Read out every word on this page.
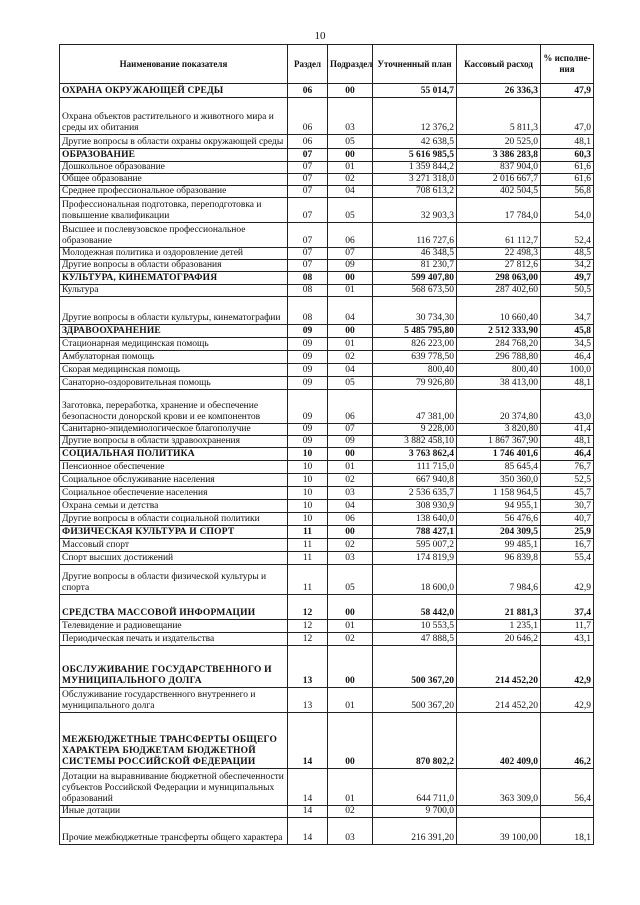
10
Наименование показателя	Раздел	Подраздел	Уточненный план	Кассовый расход	% исполне-ния
ОХРАНА ОКРУЖАЮЩЕЙ СРЕДЫ	06	00	55 014,7	26 336,3	47,9
Охрана объектов растительного и животного мира и среды их обитания	06	03	12 376,2	5 811,3	47,0
Другие вопросы в области охраны окружающей среды	06	05	42 638,5	20 525,0	48,1
ОБРАЗОВАНИЕ	07	00	5 616 985,5	3 386 283,8	60,3
Дошкольное образование	07	01	1 359 844,2	837 904,0	61,6
Общее образование	07	02	3 271 318,0	2 016 667,7	61,6
Среднее профессиональное образование	07	04	708 613,2	402 504,5	56,8
Профессиональная подготовка, переподготовка и повышение квалификации	07	05	32 903,3	17 784,0	54,0
Высшее и послевузовское профессиональное образование	07	06	116 727,6	61 112,7	52,4
Молодежная политика и оздоровление детей	07	07	46 348,5	22 498,3	48,5
Другие вопросы в области образования	07	09	81 230,7	27 812,6	34,2
КУЛЬТУРА, КИНЕМАТОГРАФИЯ	08	00	599 407,80	298 063,00	49,7
Культура	08	01	568 673,50	287 402,60	50,5
Другие вопросы в области культуры, кинематографии	08	04	30 734,30	10 660,40	34,7
ЗДРАВООХРАНЕНИЕ	09	00	5 485 795,80	2 512 333,90	45,8
Стационарная медицинская помощь	09	01	826 223,00	284 768,20	34,5
Амбулаторная помощь	09	02	639 778,50	296 788,80	46,4
Скорая медицинская помощь	09	04	800,40	800,40	100,0
Санаторно-оздоровительная помощь	09	05	79 926,80	38 413,00	48,1
Заготовка, переработка, хранение и обеспечение безопасности донорской крови и ее компонентов	09	06	47 381,00	20 374,80	43,0
Санитарно-эпидемиологическое благополучие	09	07	9 228,00	3 820,80	41,4
Другие вопросы в области здравоохранения	09	09	3 882 458,10	1 867 367,90	48,1
СОЦИАЛЬНАЯ ПОЛИТИКА	10	00	3 763 862,4	1 746 401,6	46,4
Пенсионное обеспечение	10	01	111 715,0	85 645,4	76,7
Социальное обслуживание населения	10	02	667 940,8	350 360,0	52,5
Социальное обеспечение населения	10	03	2 536 635,7	1 158 964,5	45,7
Охрана семьи и детства	10	04	308 930,9	94 955,1	30,7
Другие вопросы в области социальной политики	10	06	138 640,0	56 476,6	40,7
ФИЗИЧЕСКАЯ КУЛЬТУРА И СПОРТ	11	00	788 427,1	204 309,5	25,9
Массовый спорт	11	02	595 007,2	99 485,1	16,7
Спорт высших достижений	11	03	174 819,9	96 839,8	55,4
Другие вопросы в области физической культуры и спорта	11	05	18 600,0	7 984,6	42,9
СРЕДСТВА МАССОВОЙ ИНФОРМАЦИИ	12	00	58 442,0	21 881,3	37,4
Телевидение и радиовещание	12	01	10 553,5	1 235,1	11,7
Периодическая печать и издательства	12	02	47 888,5	20 646,2	43,1
ОБСЛУЖИВАНИЕ ГОСУДАРСТВЕННОГО И МУНИЦИПАЛЬНОГО ДОЛГА	13	00	500 367,20	214 452,20	42,9
Обслуживание государственного внутреннего и муниципального долга	13	01	500 367,20	214 452,20	42,9
МЕЖБЮДЖЕТНЫЕ ТРАНСФЕРТЫ ОБЩЕГО ХАРАКТЕРА БЮДЖЕТАМ БЮДЖЕТНОЙ СИСТЕМЫ РОССИЙСКОЙ ФЕДЕРАЦИИ	14	00	870 802,2	402 409,0	46,2
Дотации на выравнивание бюджетной обеспеченности субъектов Российской Федерации и муниципальных образований	14	01	644 711,0	363 309,0	56,4
Иные дотации	14	02	9 700,0		
Прочие межбюджетные трансферты общего характера	14	03	216 391,20	39 100,00	18,1
